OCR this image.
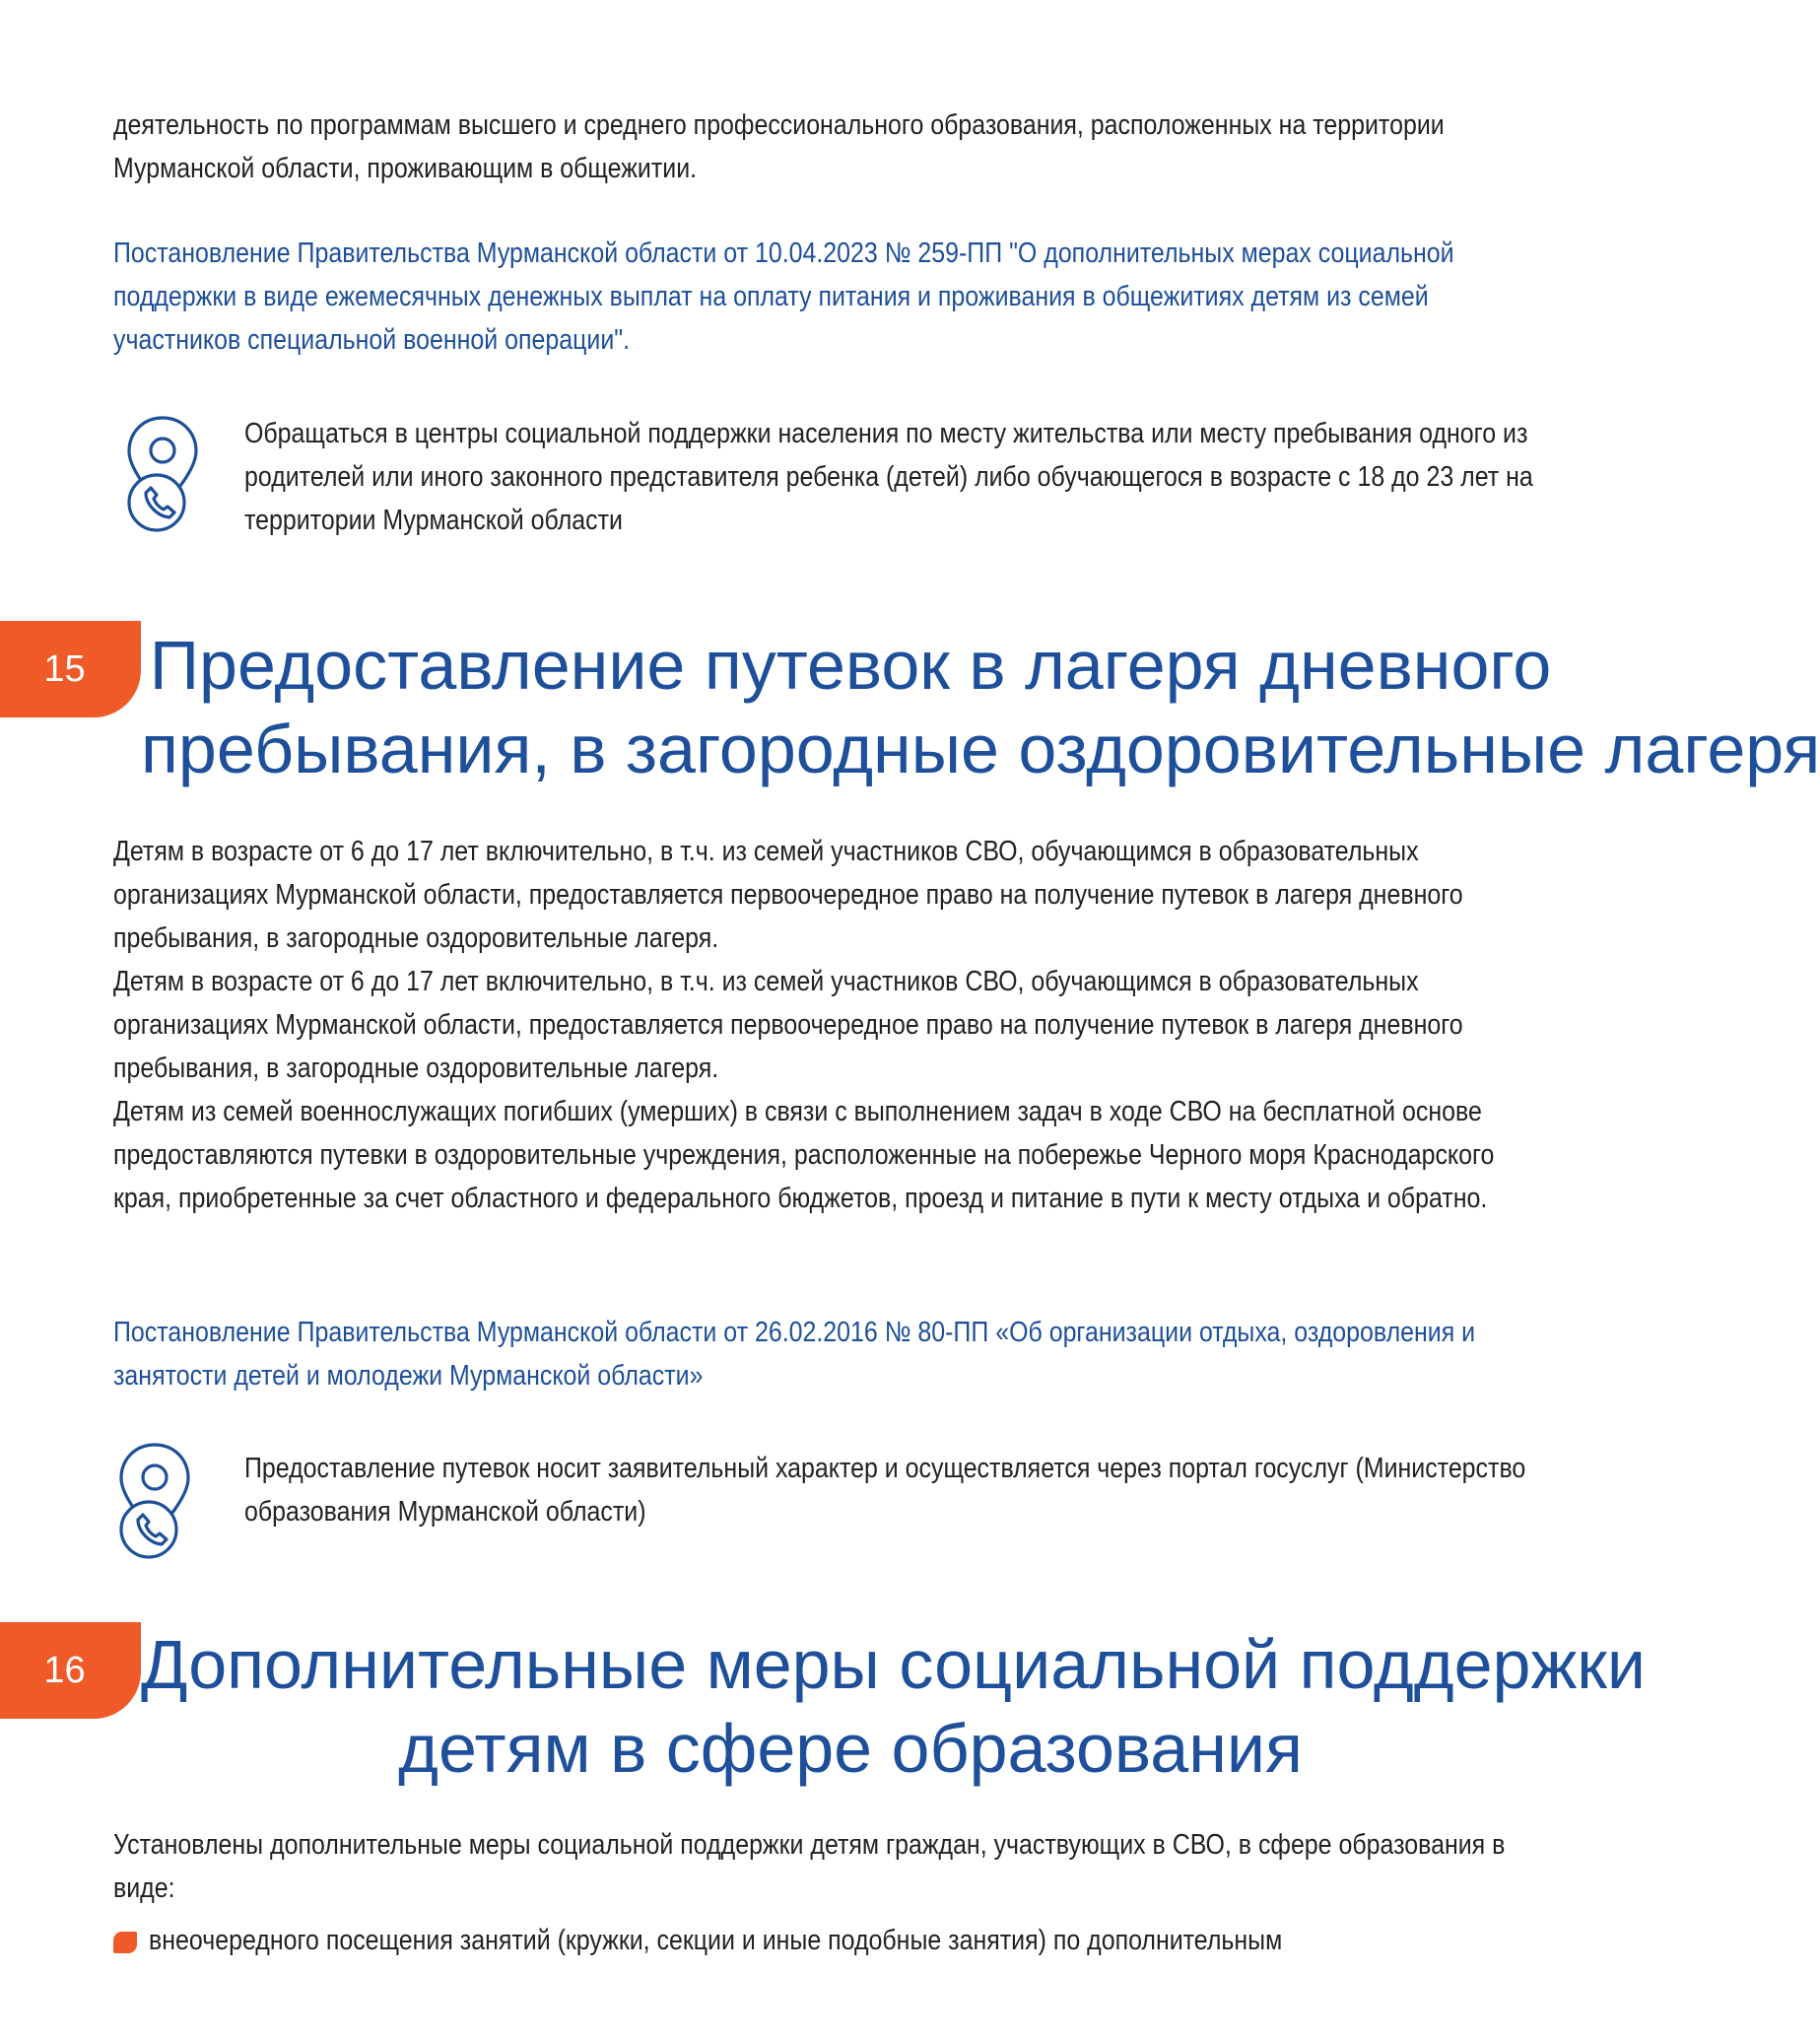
деятельность по программам высшего и среднего профессионального образования, расположенных на территории Мурманской области, проживающим в общежитии.

Постановление Правительства Мурманской области от 10.04.2023 № 259-ПП "О дополнительных мерах социальной поддержки в виде ежемесячных денежных выплат на оплату питания и проживания в общежитиях детям из семей участников специальной военной операции".

Обращаться в центры социальной поддержки населения по месту жительства или месту пребывания одного из родителей или иного законного представителя ребенка (детей) либо обучающегося в возрасте с 18 до 23 лет на территории Мурманской области

15 Предоставление путевок в лагеря дневного
пребывания, в загородные оздоровительные лагеря

Детям в возрасте от 6 до 17 лет включительно, в т.ч. из семей участников СВО, обучающимся в образовательных организациях Мурманской области, предоставляется первоочередное право на получение путевок в лагеря дневного пребывания, в загородные оздоровительные лагеря.

Детям в возрасте от 6 до 17 лет включительно, в т.ч. из семей участников СВО, обучающимся в образовательных организациях Мурманской области, предоставляется первоочередное право на получение путевок в лагеря дневного пребывания, в загородные оздоровительные лагеря.

Детям из семей военнослужащих погибших (умерших) в связи с выполнением задач в ходе СВО на бесплатной основе предоставляются путевки в оздоровительные учреждения, расположенные на побережье Черного моря Краснодарского края, приобретенные за счет областного и федерального бюджетов, проезд и питание в пути к месту отдыха и обратно.

Постановление Правительства Мурманской области от 26.02.2016 № 80-ПП «Об организации отдыха, оздоровления и занятости детей и молодежи Мурманской области»

Предоставление путевок носит заявительный характер и осуществляется через портал госуслуг (Министерство образования Мурманской области)

16 Дополнительные меры социальной поддержки
детям в сфере образования

Установлены дополнительные меры социальной поддержки детям граждан, участвующих в СВО, в сфере образования в виде:

внеочередного посещения занятий (кружки, секции и иные подобные занятия) по дополнительным
